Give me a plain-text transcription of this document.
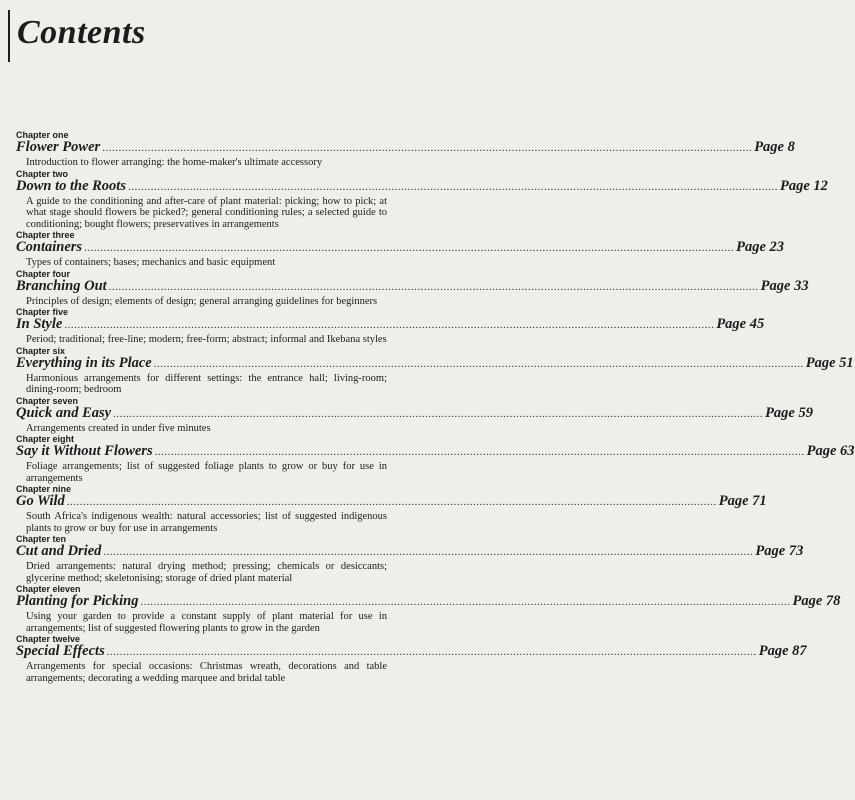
Contents

Chapter one

Flower Power ........................................................................................................................................................................................................ Page 8

Introduction to flower arranging: the home-maker's ultimate accessory

Chapter two

Down to the Roots ........................................................................................................................................................................................................ Page 12

A guide to the conditioning and after-care of plant material: picking; how to pick; at what stage should flowers be picked?; general conditioning rules; a selected guide to conditioning; bought flowers; preservatives in arrangements

Chapter three

Containers ........................................................................................................................................................................................................ Page 23

Types of containers; bases; mechanics and basic equipment

Chapter four

Branching Out ........................................................................................................................................................................................................ Page 33

Principles of design; elements of design; general arranging guidelines for beginners

Chapter five

In Style ........................................................................................................................................................................................................ Page 45

Period; traditional; free-line; modern; free-form; abstract; informal and Ikebana styles

Chapter six

Everything in its Place ........................................................................................................................................................................................................ Page 51

Harmonious arrangements for different settings: the entrance hall; living-room; dining-room; bedroom

Chapter seven

Quick and Easy ........................................................................................................................................................................................................ Page 59

Arrangements created in under five minutes

Chapter eight

Say it Without Flowers ........................................................................................................................................................................................................ Page 63

Foliage arrangements; list of suggested foliage plants to grow or buy for use in arrangements

Chapter nine

Go Wild ........................................................................................................................................................................................................ Page 71

South Africa's indigenous wealth: natural accessories; list of suggested indigenous plants to grow or buy for use in arrangements

Chapter ten

Cut and Dried ........................................................................................................................................................................................................ Page 73

Dried arrangements: natural drying method; pressing; chemicals or desiccants; glycerine method; skeletonising; storage of dried plant material

Chapter eleven

Planting for Picking ........................................................................................................................................................................................................ Page 78

Using your garden to provide a constant supply of plant material for use in arrangements; list of suggested flowering plants to grow in the garden

Chapter twelve

Special Effects ........................................................................................................................................................................................................ Page 87

Arrangements for special occasions: Christmas wreath, decorations and table arrangements; decorating a wedding marquee and bridal table
